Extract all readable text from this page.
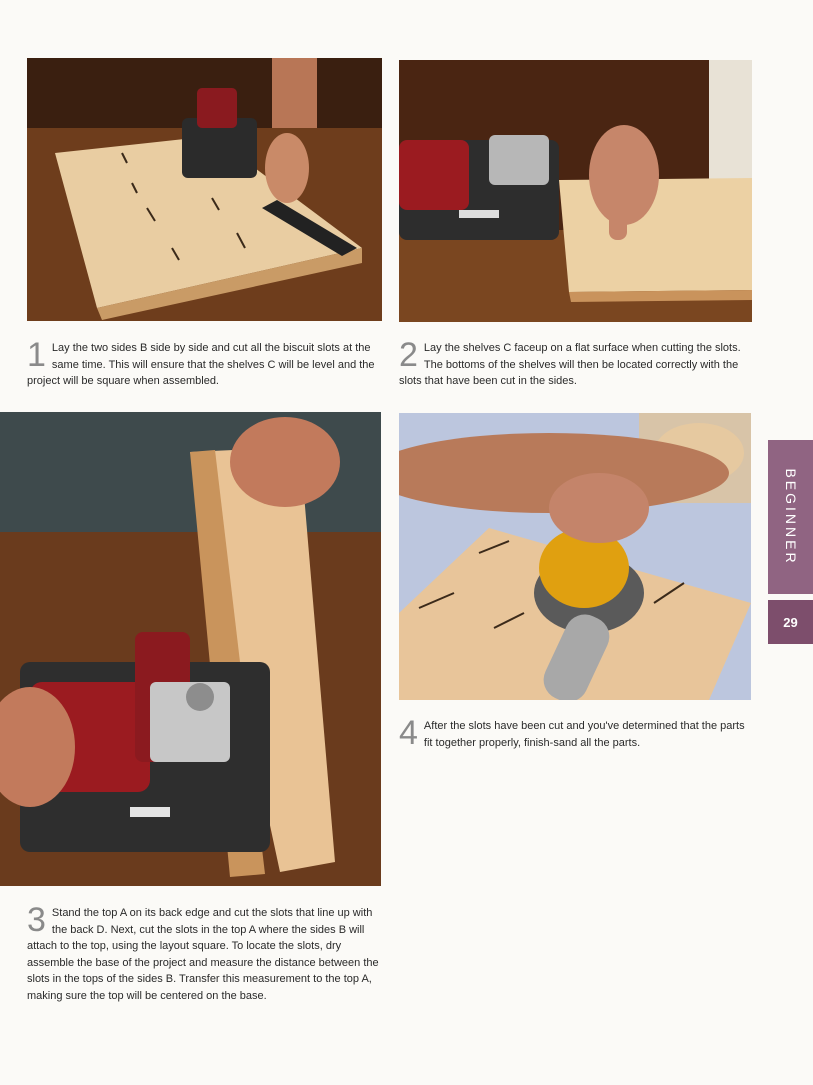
1 Lay the two sides B side by side and cut all the biscuit slots at the same time. This will ensure that the shelves C will be level and the project will be square when assembled.
2 Lay the shelves C faceup on a flat surface when cutting the slots. The bottoms of the shelves will then be located correctly with the slots that have been cut in the sides.
4 After the slots have been cut and you've determined that the parts fit together properly, finish-sand all the parts.
3 Stand the top A on its back edge and cut the slots that line up with the back D. Next, cut the slots in the top A where the sides B will attach to the top, using the layout square. To locate the slots, dry assemble the base of the project and measure the distance between the slots in the tops of the sides B. Transfer this measurement to the top A, making sure the top will be centered on the base.
BEGINNER
29
